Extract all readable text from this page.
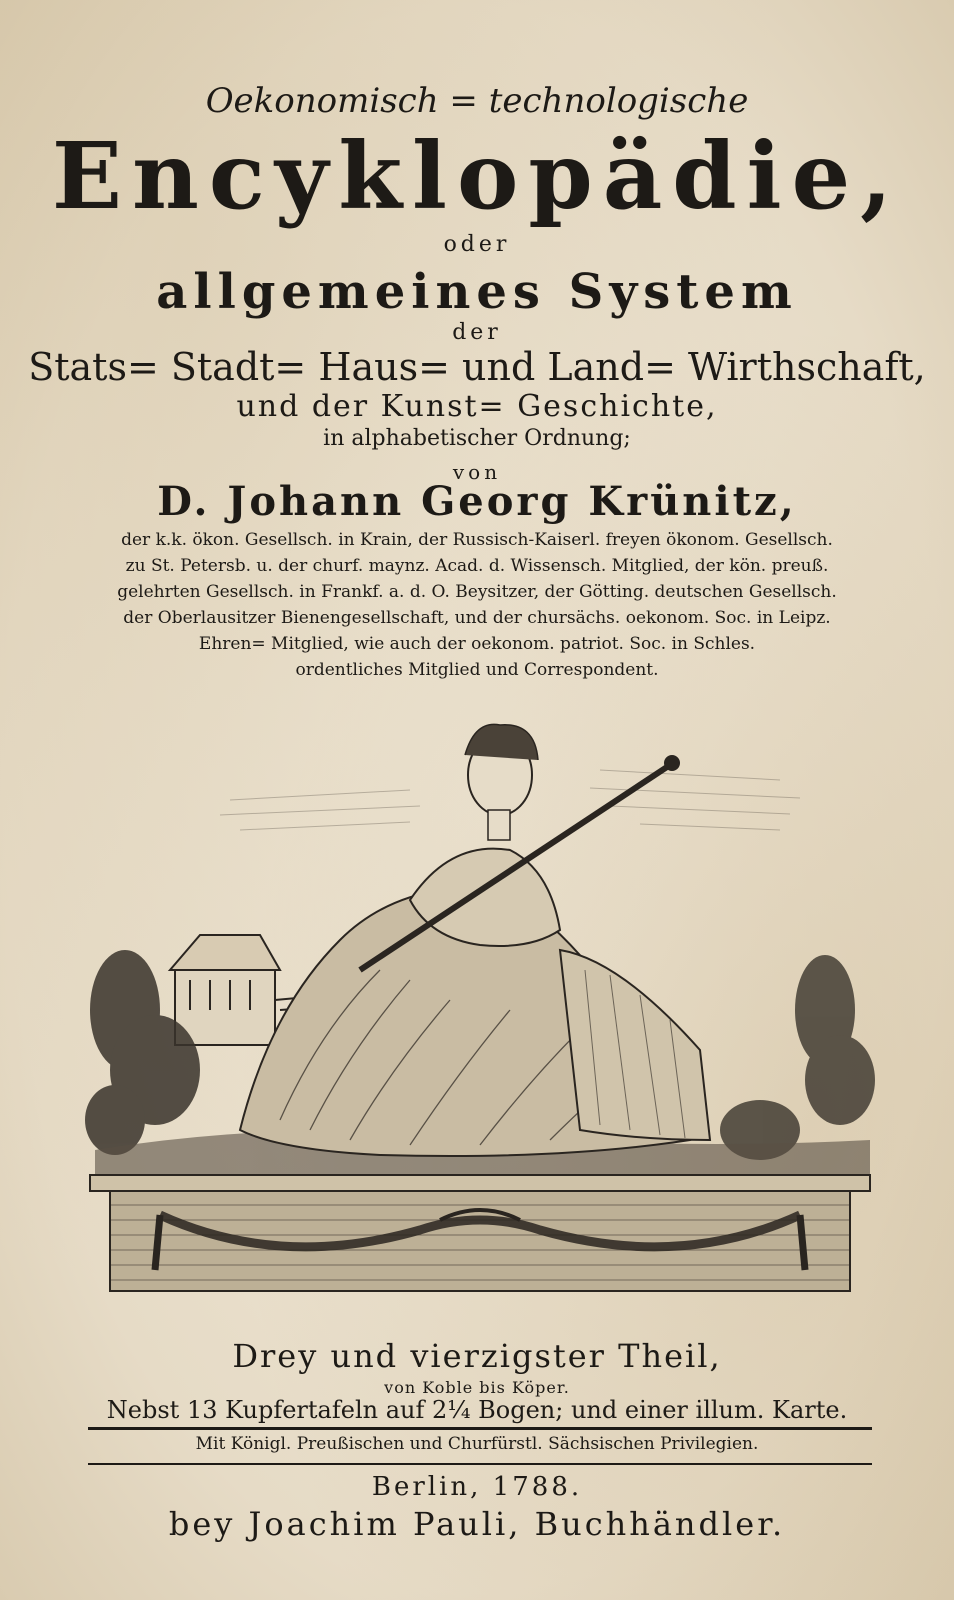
Oekonomisch = technologische
Encyklopädie,
oder
allgemeines System
der
Stats= Stadt= Haus= und Land= Wirthschaft,
und der Kunst= Geschichte,
in alphabetischer Ordnung;
von
D. Johann Georg Krünitz,
der k.k. ökon. Gesellsch. in Krain, der Russisch-Kaiserl. freyen ökonom. Gesellsch.
zu St. Petersb. u. der churf. maynz. Acad. d. Wissensch. Mitglied, der kön. preuß.
gelehrten Gesellsch. in Frankf. a. d. O. Beysitzer, der Götting. deutschen Gesellsch.
der Oberlausitzer Bienengesellschaft, und der chursächs. oekonom. Soc. in Leipz.
Ehren= Mitglied, wie auch der oekonom. patriot. Soc. in Schles.
ordentliches Mitglied und Correspondent.
Drey und vierzigster Theil,
von Koble bis Köper.
Nebst 13 Kupfertafeln auf 2¼ Bogen; und einer illum. Karte.
Mit Königl. Preußischen und Churfürstl. Sächsischen Privilegien.
Berlin, 1788.
bey Joachim Pauli, Buchhändler.
